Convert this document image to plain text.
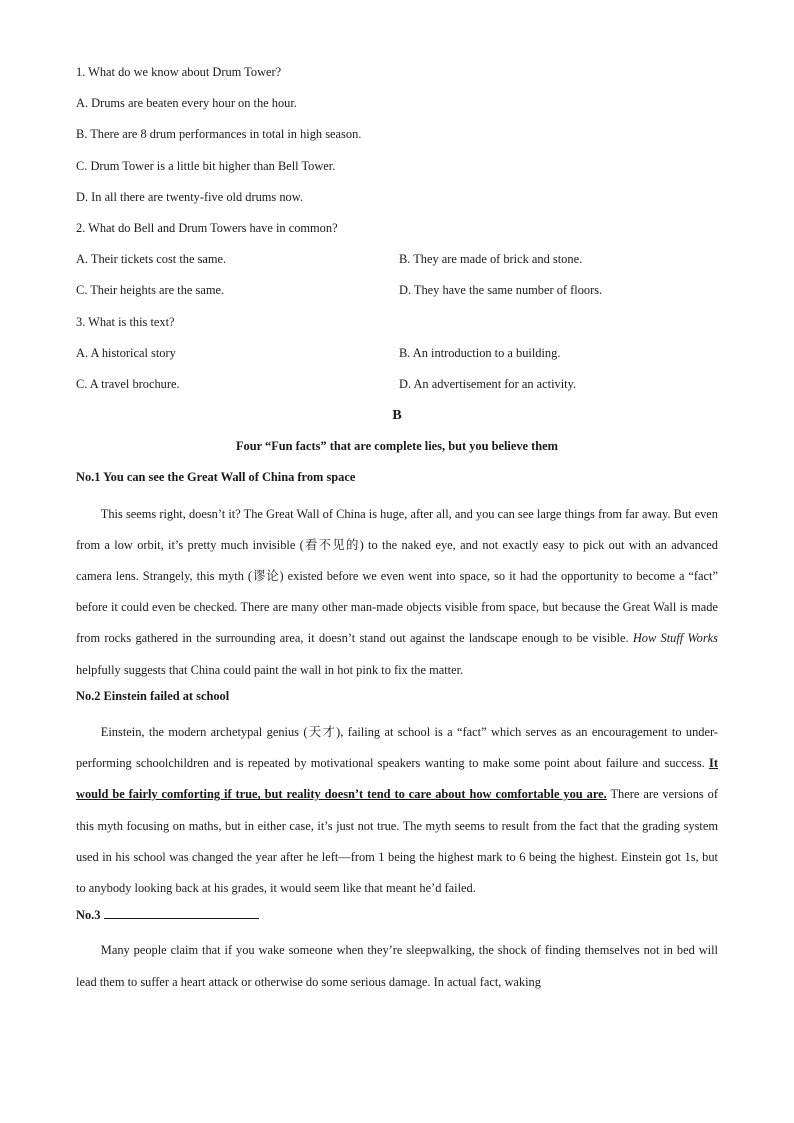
1. What do we know about Drum Tower?
A. Drums are beaten every hour on the hour.
B. There are 8 drum performances in total in high season.
C. Drum Tower is a little bit higher than Bell Tower.
D. In all there are twenty-five old drums now.
2. What do Bell and Drum Towers have in common?
A. Their tickets cost the same.	B. They are made of brick and stone.
C. Their heights are the same.	D. They have the same number of floors.
3. What is this text?
A. A historical story	B. An introduction to a building.
C. A travel brochure.	D. An advertisement for an activity.
B
Four “Fun facts” that are complete lies, but you believe them
No.1 You can see the Great Wall of China from space

This seems right, doesn’t it? The Great Wall of China is huge, after all, and you can see large things from far away. But even from a low orbit, it’s pretty much invisible (看不见的) to the naked eye, and not exactly easy to pick out with an advanced camera lens. Strangely, this myth (谬论) existed before we even went into space, so it had the opportunity to become a “fact” before it could even be checked. There are many other man-made objects visible from space, but because the Great Wall is made from rocks gathered in the surrounding area, it doesn’t stand out against the landscape enough to be visible. How Stuff Works helpfully suggests that China could paint the wall in hot pink to fix the matter.

No.2 Einstein failed at school

Einstein, the modern archetypal genius (天才), failing at school is a “fact” which serves as an encouragement to under-performing schoolchildren and is repeated by motivational speakers wanting to make some point about failure and success. It would be fairly comforting if true, but reality doesn’t tend to care about how comfortable you are. There are versions of this myth focusing on maths, but in either case, it’s just not true. The myth seems to result from the fact that the grading system used in his school was changed the year after he left—from 1 being the highest mark to 6 being the highest. Einstein got 1s, but to anybody looking back at his grades, it would seem like that meant he’d failed.

No.3

Many people claim that if you wake someone when they’re sleepwalking, the shock of finding themselves not in bed will lead them to suffer a heart attack or otherwise do some serious damage. In actual fact, waking
